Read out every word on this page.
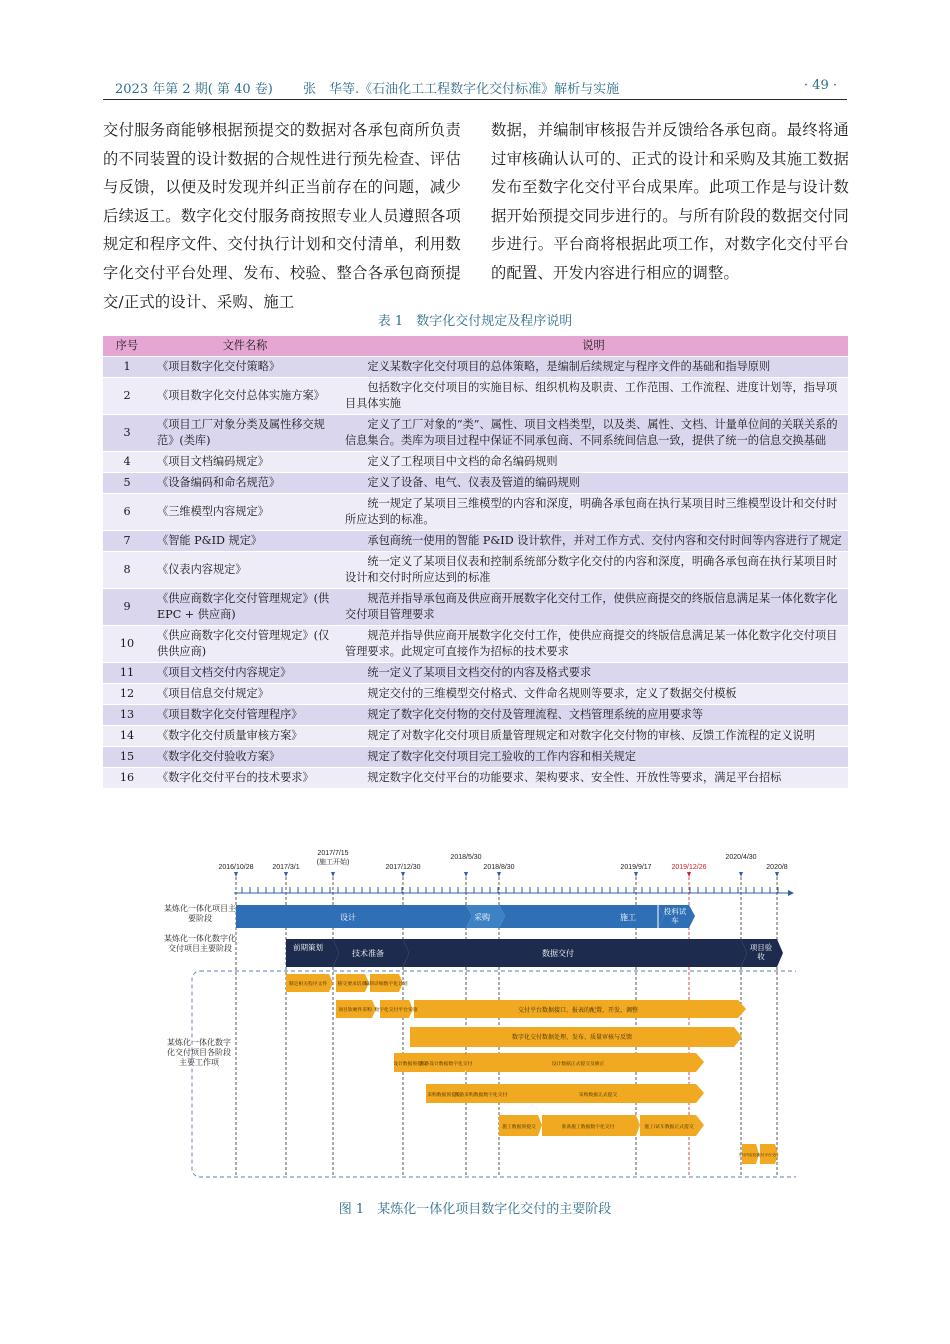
2023 年第 2 期( 第 40 卷) 张　华等.《石油化工工程数字化交付标准》解析与实施	· 49 ·
交付服务商能够根据预提交的数据对各承包商所负责的不同装置的设计数据的合规性进行预先检查、评估与反馈，以便及时发现并纠正当前存在的问题，减少后续返工。数字化交付服务商按照专业人员遵照各项规定和程序文件、交付执行计划和交付清单，利用数字化交付平台处理、发布、校验、整合各承包商预提交/正式的设计、采购、施工
数据，并编制审核报告并反馈给各承包商。最终将通过审核确认认可的、正式的设计和采购及其施工数据发布至数字化交付平台成果库。此项工作是与设计数据开始预提交同步进行的。与所有阶段的数据交付同步进行。平台商将根据此项工作，对数字化交付平台的配置、开发内容进行相应的调整。
表 1　数字化交付规定及程序说明
序号	文件名称	说明
1	《项目数字化交付策略》	定义某数字化交付项目的总体策略，是编制后续规定与程序文件的基础和指导原则
2	《项目数字化交付总体实施方案》	包括数字化交付项目的实施目标、组织机构及职责、工作范围、工作流程、进度计划等，指导项目具体实施
3	《项目工厂对象分类及属性移交规范》(类库)	定义了工厂对象的“类”、属性、项目文档类型，以及类、属性、文档、计量单位间的关联关系的信息集合。类库为项目过程中保证不同承包商、不同系统间信息一致，提供了统一的信息交换基础
4	《项目文档编码规定》	定义了工程项目中文档的命名编码规则
5	《设备编码和命名规范》	定义了设备、电气、仪表及管道的编码规则
6	《三维模型内容规定》	统一规定了某项目三维模型的内容和深度，明确各承包商在执行某项目时三维模型设计和交付时所应达到的标准。
7	《智能 P&ID 规定》	承包商统一使用的智能 P&ID 设计软件，并对工作方式、交付内容和交付时间等内容进行了规定
8	《仪表内容规定》	统一定义了某项目仪表和控制系统部分数字化交付的内容和深度，明确各承包商在执行某项目时设计和交付时所应达到的标准
9	《供应商数字化交付管理规定》(供 EPC + 供应商)	规范并指导承包商及供应商开展数字化交付工作，使供应商提交的终版信息满足某一体化数字化交付项目管理要求
10	《供应商数字化交付管理规定》(仅供供应商)	规范并指导供应商开展数字化交付工作，使供应商提交的终版信息满足某一体化数字化交付项目管理要求。此规定可直接作为招标的技术要求
11	《项目文档交付内容规定》	统一定义了某项目文档交付的内容及格式要求
12	《项目信息交付规定》	规定交付的三维模型交付格式、文件命名规则等要求，定义了数据交付模板
13	《项目数字化交付管理程序》	规定了数字化交付物的交付及管理流程、文档管理系统的应用要求等
14	《数字化交付质量审核方案》	规定了对数字化交付项目质量管理规定和对数字化交付物的审核、反馈工作流程的定义说明
15	《数字化交付验收方案》	规定了数字化交付项目完工验收的工作内容和相关规定
16	《数字化交付平台的技术要求》	规定数字化交付平台的功能要求、架构要求、安全性、开放性等要求，满足平台招标
2016/10/28	2017/3/1
2017/7/15
(施工开始)
2017/12/30
2018/5/30
2018/8/30	2019/9/17	2019/12/26
2020/4/30
2020/8
某炼化一体化项目主要阶段
某炼化一体化数字化交付项目主要阶段
某炼化一体化数字化交付项目各阶段主要工作项
设计	采购	施工
投料试车
前期策划
技术准备	数据交付
项目验收
制定相关程序文件 移交要求培训
编制详细数字化计划
项目软硬件采购 数字化交付平台实施	交付平台数据接口、报表的配置、开发、调整
数字化交付数据处理、发布、质量审核与反馈
设计数据预提交
准备设计数据数字化交付	设计数据正式提交及修正
采购数据预提交
准备采购数据数字化交付	采购数据正式提交
施工数据预提交	准备施工数据数字化交付	施工/试车数据正式提交
交付内容验收
交付平台交付
图 1　某炼化一体化项目数字化交付的主要阶段
